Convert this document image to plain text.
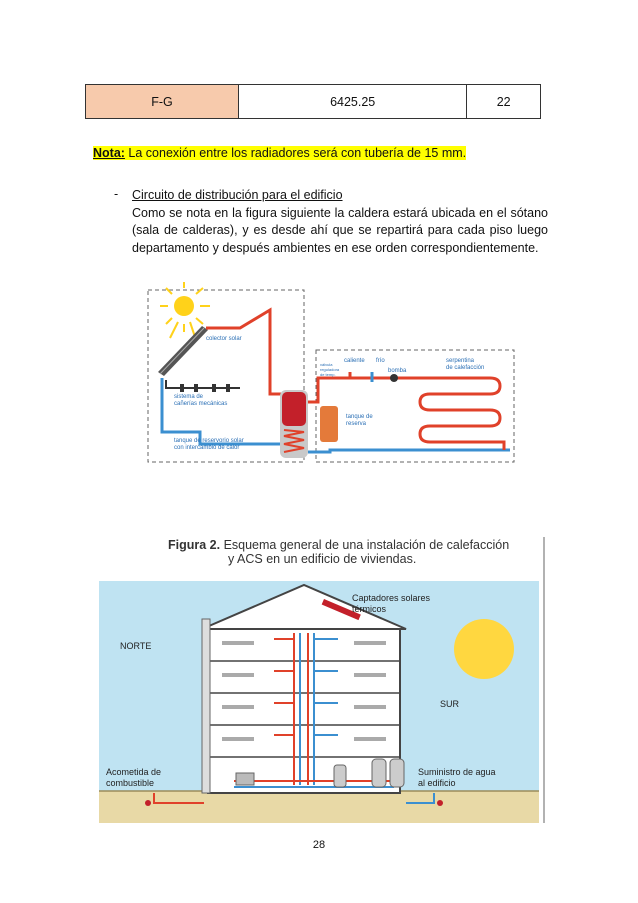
F-G	6425.25	22
Nota: La conexión entre los radiadores será con tubería de 15 mm.
- Circuito de distribución para el edificio
Como se nota en la figura siguiente la caldera estará ubicada en el sótano (sala de calderas), y es desde ahí que se repartirá para cada piso luego departamento y después ambientes en ese orden correspondientemente.
colector solar
sistema de
cañerías mecánicas
tanque de reservorio solar
con intercambio de calor
caliente frío
válvula
reguladora
de temp.
bomba
serpentina
de calefacción
tanque de
reserva
Figura 2. Esquema general de una instalación de calefacción
y ACS en un edificio de viviendas.
Captadores solares
térmicos
NORTE
SUR
Acometida de
combustible
Suministro de agua
al edificio
28
